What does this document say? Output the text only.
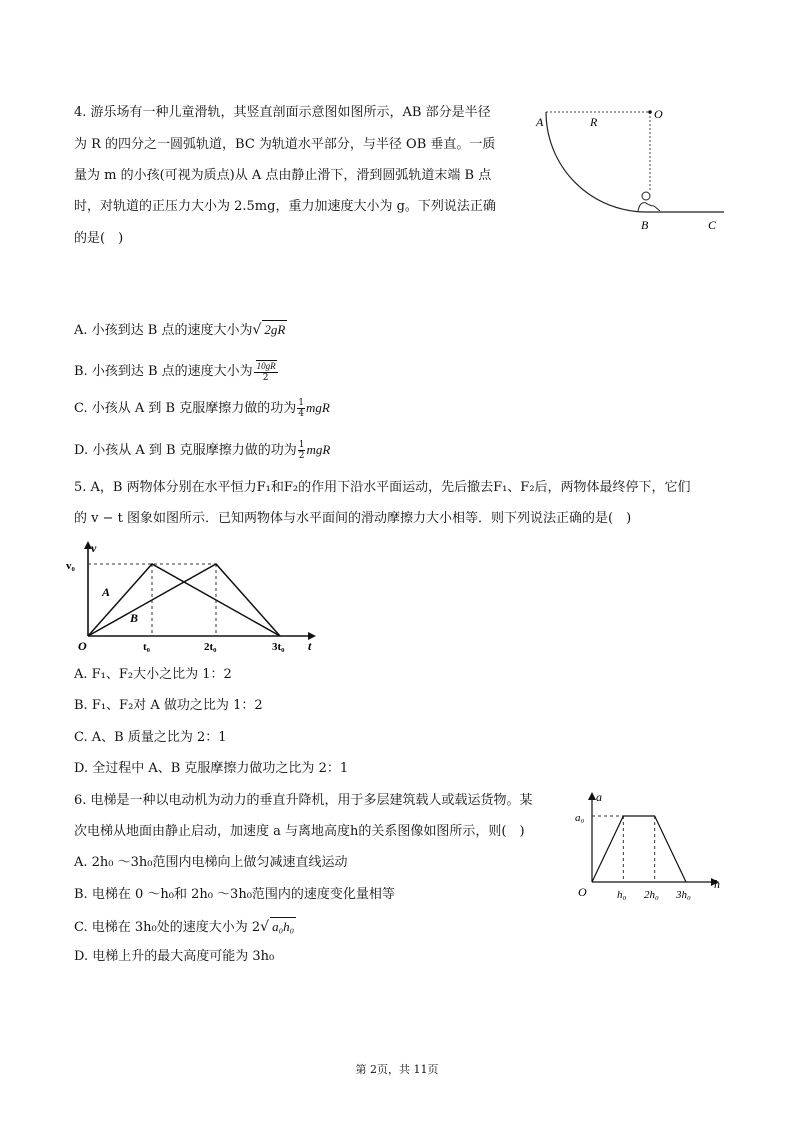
4. 游乐场有一种儿童滑轨，其竖直剖面示意图如图所示，AB 部分是半径
为 R 的四分之一圆弧轨道，BC 为轨道水平部分，与半径 OB 垂直。一质
量为 m 的小孩(可视为质点)从 A 点由静止滑下，滑到圆弧轨道末端 B 点
时，对轨道的正压力大小为 2.5mg，重力加速度大小为 g。下列说法正确
的是(　)
A	R
O
B	C
A. 小孩到达 B 点的速度大小为√ 2gR
B. 小孩到达 B 点的速度大小为 $\frac{10gR}{2}$
C. 小孩从 A 到 B 克服摩擦力做的功为 $\frac{1}{4}$ mgR
D. 小孩从 A 到 B 克服摩擦力做的功为 $\frac{1}{2}$ mgR
5. A，B 两物体分别在水平恒力F₁和F₂的作用下沿水平面运动，先后撤去F₁、F₂后，两物体最终停下，它们
的 v − t 图象如图所示．已知两物体与水平面间的滑动摩擦力大小相等．则下列说法正确的是(　)
v
t
v₀
O	t₀	2t₀	3t₀
A
B
A. F₁、F₂大小之比为 1：2
B. F₁、F₂对 A 做功之比为 1：2
C. A、B 质量之比为 2：1
D. 全过程中 A、B 克服摩擦力做功之比为 2：1
6. 电梯是一种以电动机为动力的垂直升降机，用于多层建筑载人或载运货物。某
次电梯从地面由静止启动，加速度 a 与离地高度h的关系图像如图所示，则(　)
a
h
a₀
O	h₀ 2h₀ 3h₀
A. 2h₀ ～3h₀范围内电梯向上做匀减速直线运动
B. 电梯在 0 ～h₀和 2h₀ ～3h₀范围内的速度变化量相等
C. 电梯在 3h₀处的速度大小为 2√ a₀h₀
D. 电梯上升的最大高度可能为 3h₀
第 2页，共 11页
